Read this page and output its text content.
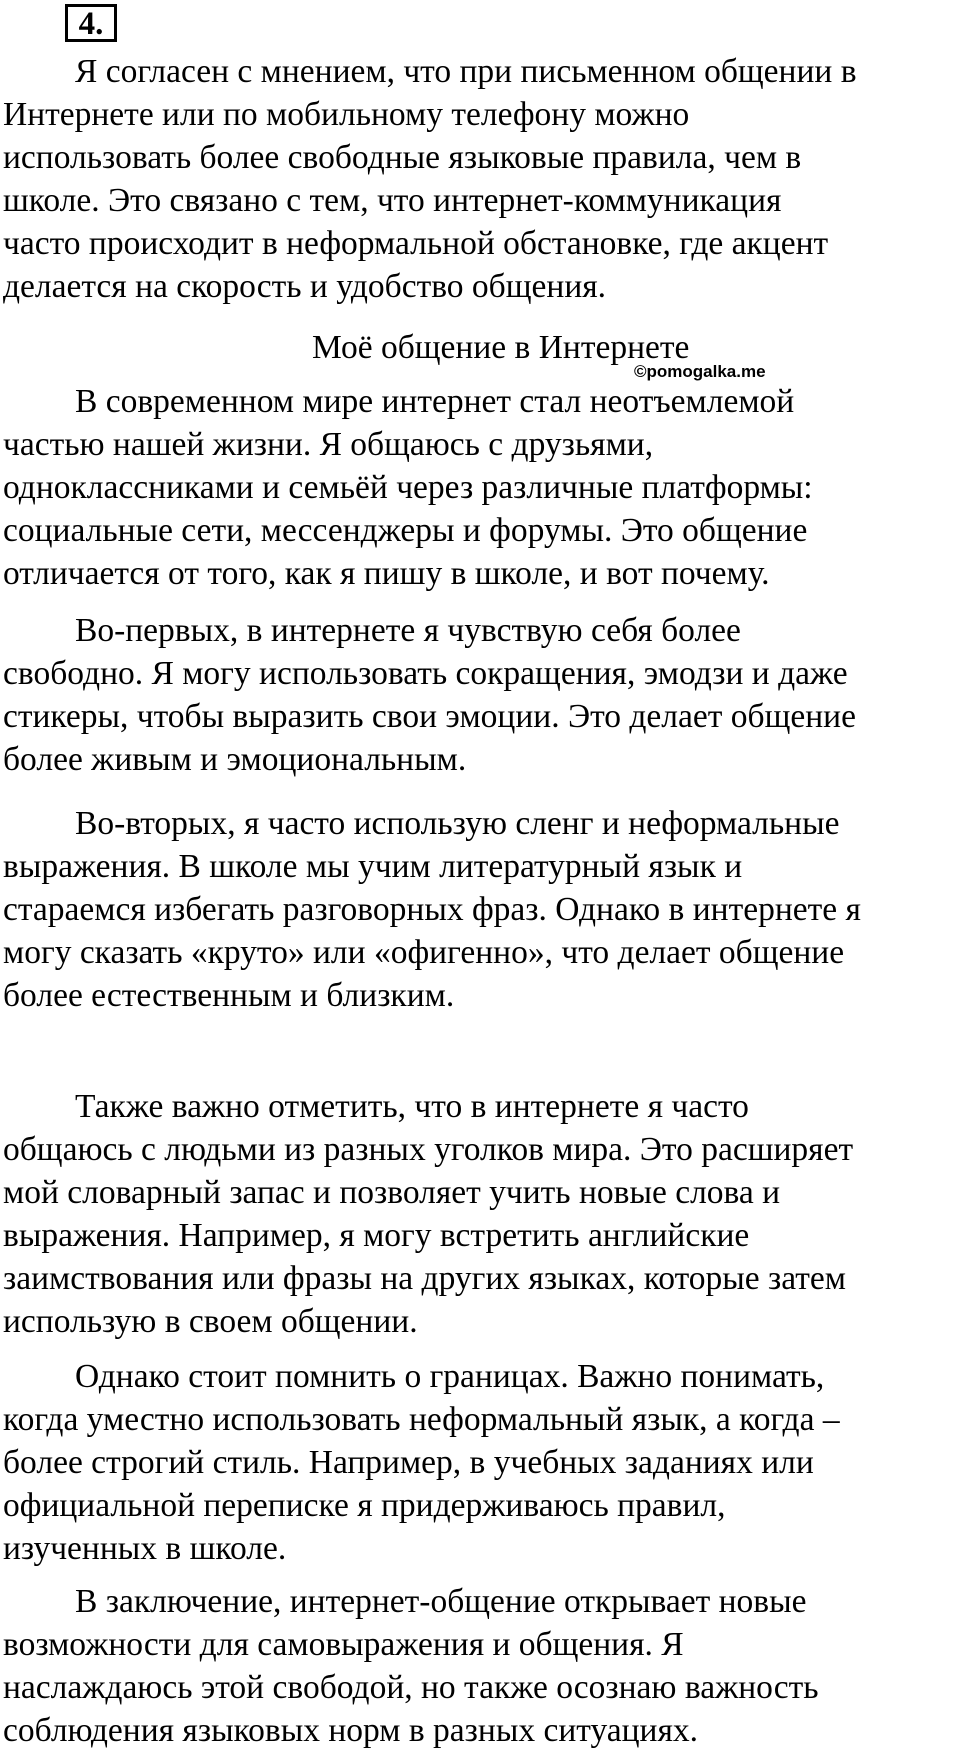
4.

Я согласен с мнением, что при письменном общении в
Интернете или по мобильному телефону можно
использовать более свободные языковые правила, чем в
школе. Это связано с тем, что интернет-коммуникация
часто происходит в неформальной обстановке, где акцент
делается на скорость и удобство общения.

Моё общение в Интернете
©pomogalka.me

В современном мире интернет стал неотъемлемой
частью нашей жизни. Я общаюсь с друзьями,
одноклассниками и семьёй через различные платформы:
социальные сети, мессенджеры и форумы. Это общение
отличается от того, как я пишу в школе, и вот почему.

Во-первых, в интернете я чувствую себя более
свободно. Я могу использовать сокращения, эмодзи и даже
стикеры, чтобы выразить свои эмоции. Это делает общение
более живым и эмоциональным.

Во-вторых, я часто использую сленг и неформальные
выражения. В школе мы учим литературный язык и
стараемся избегать разговорных фраз. Однако в интернете я
могу сказать «круто» или «офигенно», что делает общение
более естественным и близким.

Также важно отметить, что в интернете я часто
общаюсь с людьми из разных уголков мира. Это расширяет
мой словарный запас и позволяет учить новые слова и
выражения. Например, я могу встретить английские
заимствования или фразы на других языках, которые затем
использую в своем общении.

Однако стоит помнить о границах. Важно понимать,
когда уместно использовать неформальный язык, а когда –
более строгий стиль. Например, в учебных заданиях или
официальной переписке я придерживаюсь правил,
изученных в школе.

В заключение, интернет-общение открывает новые
возможности для самовыражения и общения. Я
наслаждаюсь этой свободой, но также осознаю важность
соблюдения языковых норм в разных ситуациях.
